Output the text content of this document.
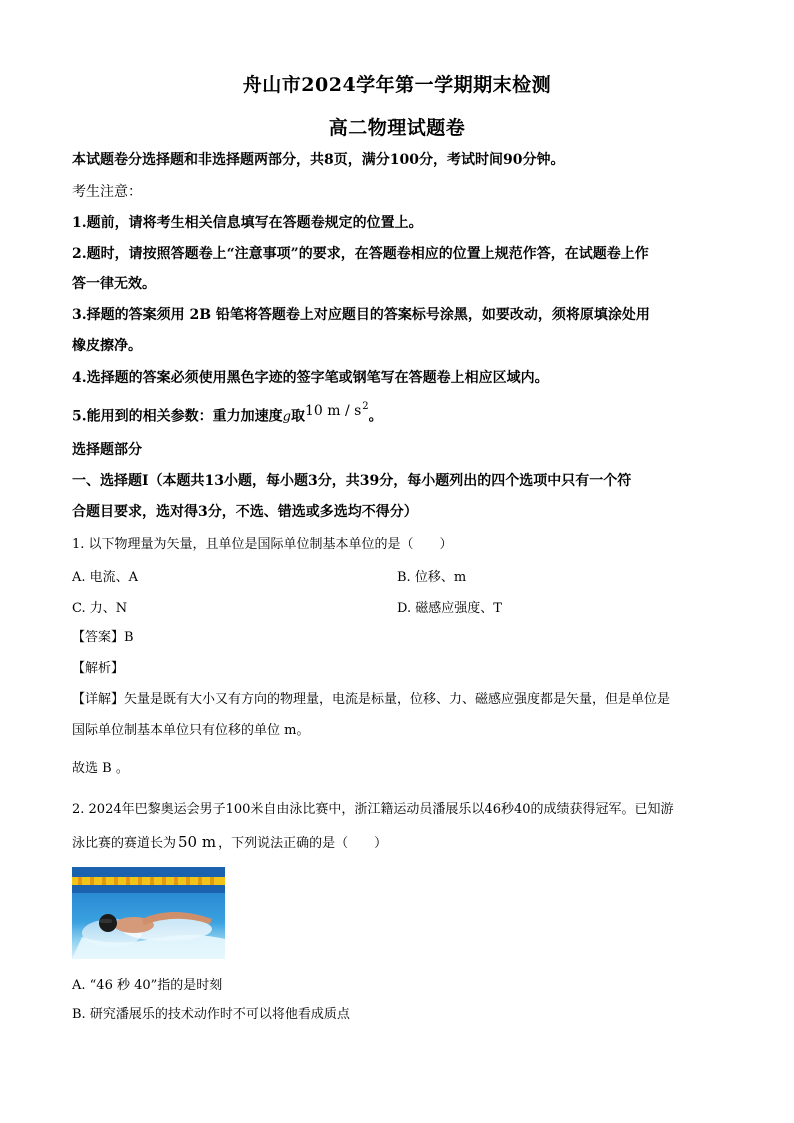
舟山市2024学年第一学期期末检测
高二物理试题卷
本试题卷分选择题和非选择题两部分，共8页，满分100分，考试时间90分钟。
考生注意：
1.题前，请将考生相关信息填写在答题卷规定的位置上。
2.题时，请按照答题卷上“注意事项”的要求，在答题卷相应的位置上规范作答，在试题卷上作
答一律无效。
3.择题的答案须用 2B 铅笔将答题卷上对应题目的答案标号涂黑，如要改动，须将原填涂处用
橡皮擦净。
4.选择题的答案必须使用黑色字迹的签字笔或钢笔写在答题卷上相应区域内。
5.能用到的相关参数：重力加速度g取10 m / $s^2$。
选择题部分
一、选择题Ⅰ（本题共13小题，每小题3分，共39分，每小题列出的四个选项中只有一个符
合题目要求，选对得3分，不选、错选或多选均不得分）
1. 以下物理量为矢量，且单位是国际单位制基本单位的是（　　）
A. 电流、A	B. 位移、m
C. 力、N	D. 磁感应强度、T
【答案】B
【解析】
【详解】矢量是既有大小又有方向的物理量，电流是标量，位移、力、磁感应强度都是矢量，但是单位是
国际单位制基本单位只有位移的单位 m。
故选 B 。
2. 2024年巴黎奥运会男子100米自由泳比赛中，浙江籍运动员潘展乐以46秒40的成绩获得冠军。已知游
泳比赛的赛道长为 50 m ，下列说法正确的是（　　）
A. “46 秒 40”指的是时刻
B. 研究潘展乐的技术动作时不可以将他看成质点
